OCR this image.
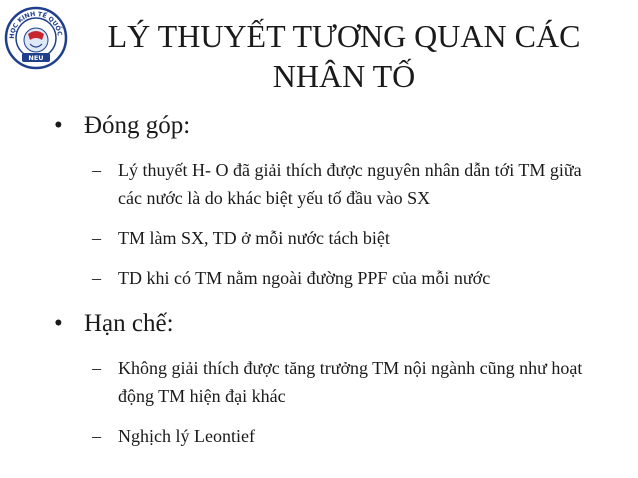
HỌC KINH TẾ QUỐC
NEU
LÝ THUYẾT TƯƠNG QUAN CÁC
NHÂN TỐ

• Đóng góp:

– Lý thuyết H- O đã giải thích được nguyên nhân dẫn tới TM giữa các nước là do khác biệt yếu tố đầu vào SX

– TM làm SX, TD ở mỗi nước tách biệt

– TD khi có TM nằm ngoài đường PPF của mỗi nước

• Hạn chế:

– Không giải thích được tăng trưởng TM nội ngành cũng như hoạt động TM hiện đại khác

– Nghịch lý Leontief
